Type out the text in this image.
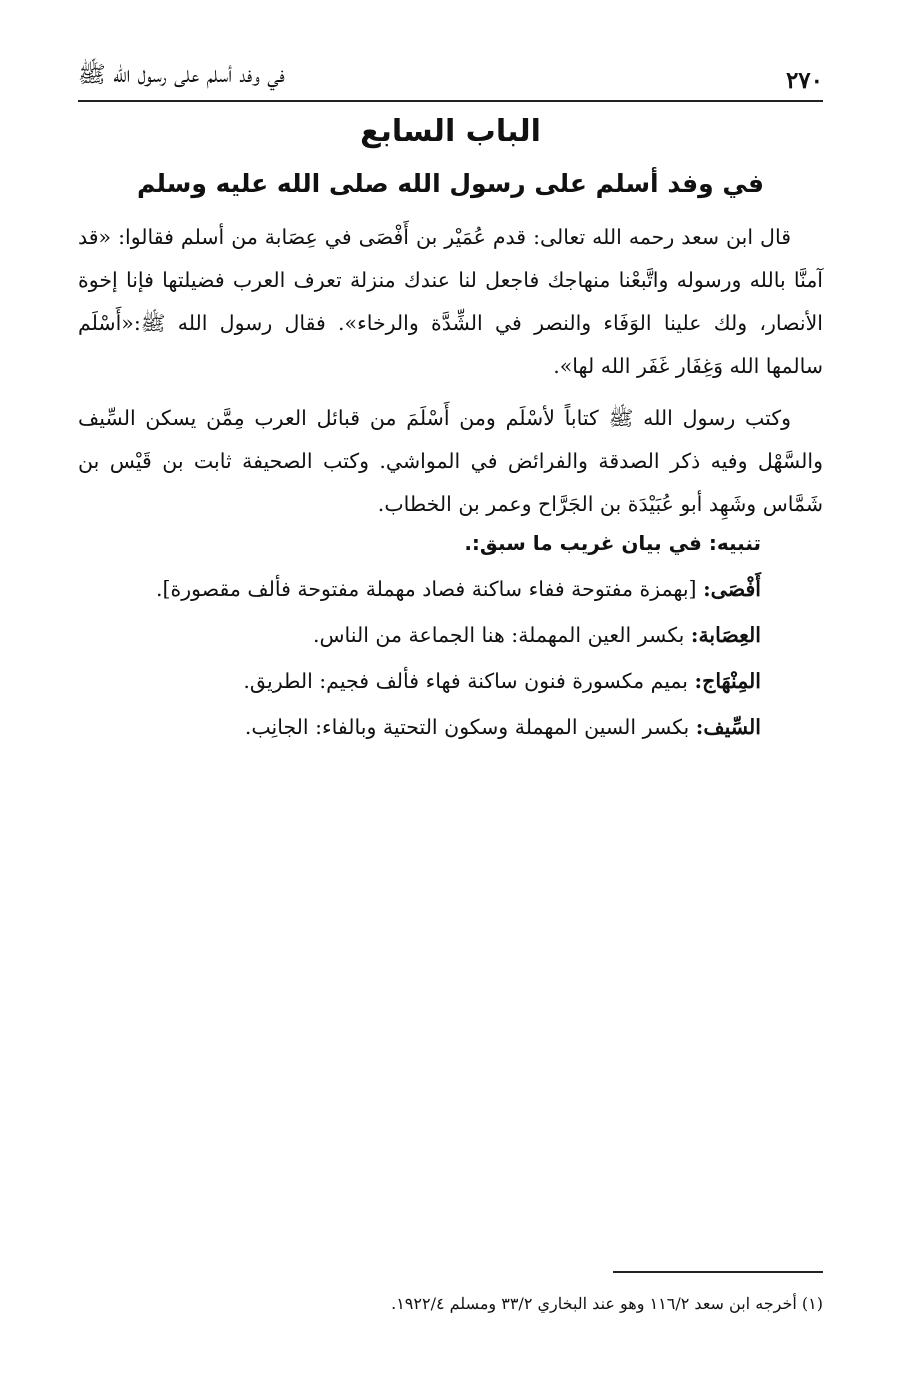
٢٧٠
في وفد أسلم على رسول الله ﷺ
الباب السابع
في وفد أسلم على رسول الله صلى الله عليه وسلم

قال ابن سعد رحمه الله تعالى: قدم عُمَيْر بن أَفْصَى في عِصَابة من أسلم فقالوا: «قد آمنَّا بالله ورسوله واتَّبعْنا منهاجك فاجعل لنا عندك منزلة تعرف العرب فضيلتها فإنا إخوة الأنصار، ولك علينا الوَفَاء والنصر في الشِّدَّة والرخاء». فقال رسول الله ﷺ:«أَسْلَم سالمها الله وَغِفَار غَفَر الله لها».

وكتب رسول الله ﷺ كتاباً لأسْلَم ومن أَسْلَمَ من قبائل العرب مِمَّن يسكن السِّيف والسَّهْل وفيه ذكر الصدقة والفرائض في المواشي. وكتب الصحيفة ثابت بن قَيْس بن شَمَّاس وشَهِد أبو عُبَيْدَة بن الجَرَّاح وعمر بن الخطاب.

تنبيه: في بيان غريب ما سبق:.
أَفْصَى: [بهمزة مفتوحة ففاء ساكنة فصاد مهملة مفتوحة فألف مقصورة].
العِصَابة: بكسر العين المهملة: هنا الجماعة من الناس.
المِنْهَاج: بميم مكسورة فنون ساكنة فهاء فألف فجيم: الطريق.
السِّيف: بكسر السين المهملة وسكون التحتية وبالفاء: الجانِب.
(١) أخرجه ابن سعد ١١٦/٢ وهو عند البخاري ٣٣/٢ ومسلم ١٩٢٢/٤.
